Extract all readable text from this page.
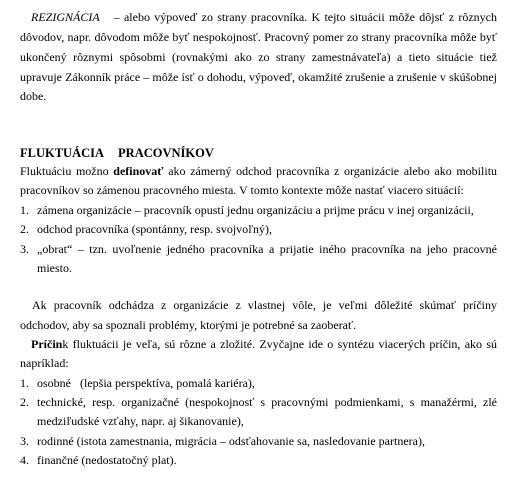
REZIGNÁCIA – alebo výpoveď zo strany pracovníka. K tejto situácii môže dôjsť z rôznych
dôvodov, napr. dôvodom môže byť nespokojnosť. Pracovný pomer zo strany pracovníka môže byť
ukončený rôznymi spôsobmi (rovnakými ako zo strany zamestnávateľa) a tieto situácie tiež
upravuje Zákonník práce – môže ísť o dohodu, výpoveď, okamžité zrušenie a zrušenie v skúšobnej
dobe.
FLUKTUÁCIA PRACOVNÍKOV
Fluktuáciu možno definovať ako zámerný odchod pracovníka z organizácie alebo ako mobilitu
pracovníkov so zámenou pracovného miesta. V tomto kontexte môže nastať viacero situácií:
1. zámena organizácie – pracovník opustí jednu organizáciu a prijme prácu v inej organizácii,
2. odchod pracovníka (spontánny, resp. svojvoľný),
3. „obrat“ – tzn. uvoľnenie jedného pracovníka a prijatie iného pracovníka na jeho pracovné
miesto.
Ak pracovník odchádza z organizácie z vlastnej vôle, je veľmi dôležité skúmať príčiny
odchodov, aby sa spoznali problémy, ktorými je potrebné sa zaoberať.
Príčink fluktuácii je veľa, sú rôzne a zložité. Zvyčajne ide o syntézu viacerých príčin, ako sú
napríklad:
1. osobné (lepšia perspektíva, pomalá kariéra),
2. technické, resp. organizačné (nespokojnosť s pracovnými podmienkami, s manažérmi, zlé
medziľudské vzťahy, napr. aj šikanovanie),
3. rodinné (istota zamestnania, migrácia – odsťahovanie sa, nasledovanie partnera),
4. finančné (nedostatočný plat).
